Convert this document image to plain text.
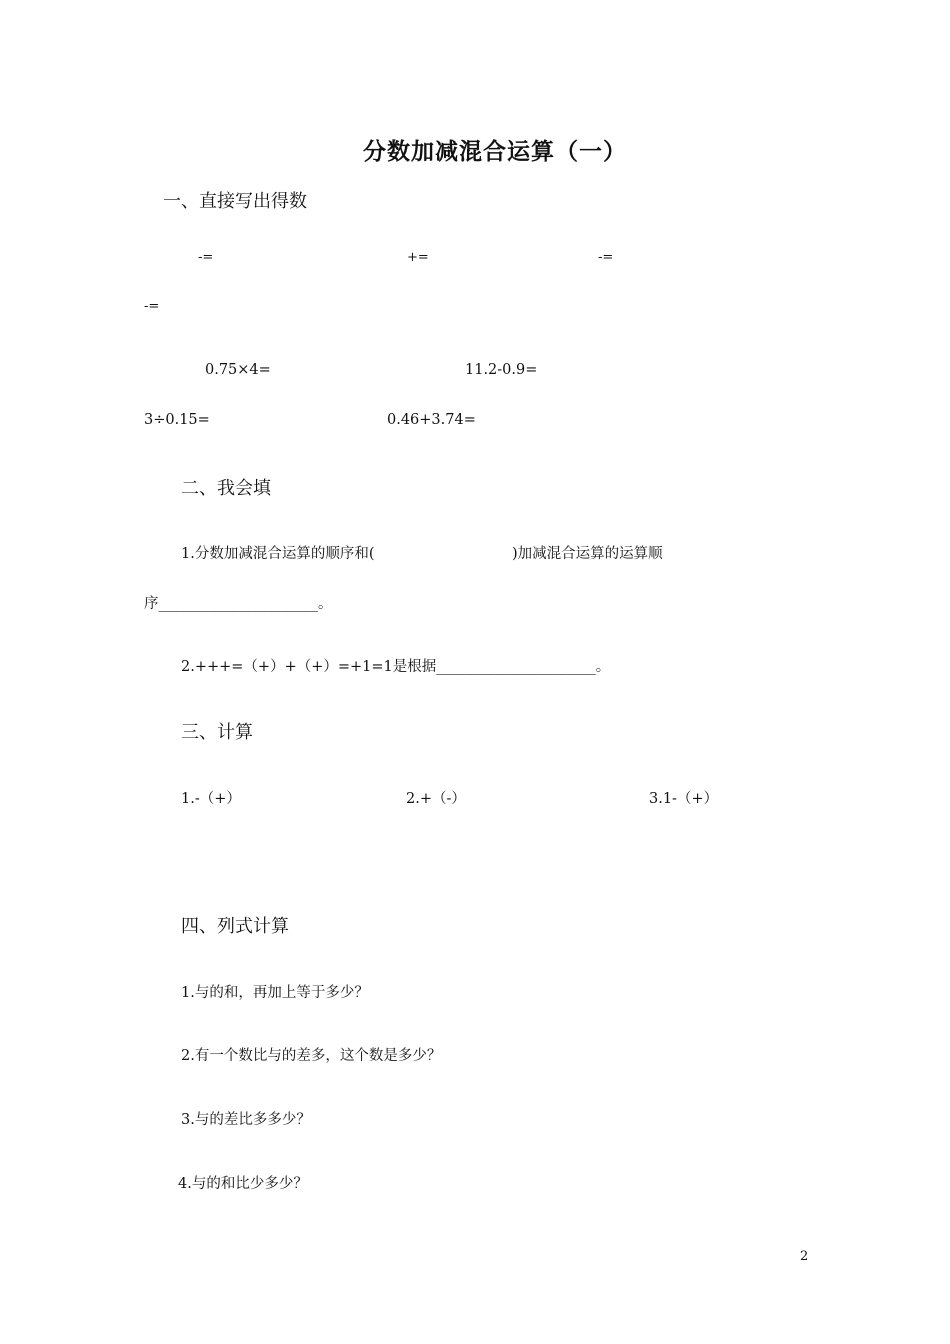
分数加减混合运算（一）
一、直接写出得数
-=	+=	-=
-=
0.75×4=	11.2-0.9=
3÷0.15=	0.46+3.74=
二、我会填
1.分数加减混合运算的顺序和(	)加减混合运算的运算顺
序______________________。
2.+++=（+）+（+）=+1=1是根据______________________。
三、计算
1.-（+）	2.+（-）	3.1-（+）
四、列式计算
1.与的和，再加上等于多少？
2.有一个数比与的差多，这个数是多少？
3.与的差比多多少？
4.与的和比少多少？
2
